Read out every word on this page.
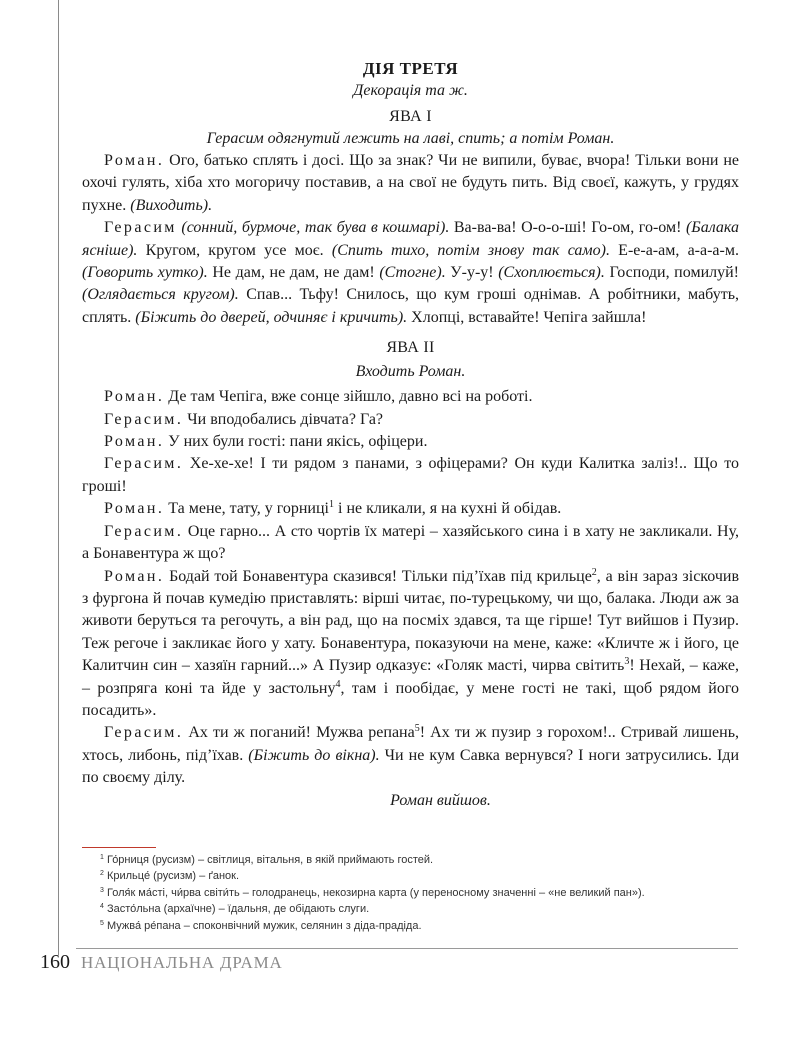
ДІЯ ТРЕТЯ
Декорація та ж.
ЯВА І
Герасим одягнутий лежить на лаві, спить; а потім Роман.

Роман. Ого, батько сплять і досі. Що за знак? Чи не випили, буває, вчора! Тільки вони не охочі гулять, хіба хто могоричу поставив, а на свої не будуть пить. Від своєї, кажуть, у грудях пухне. (Виходить).

Герасим (сонний, бурмоче, так бува в кошмарі). Ва-ва-ва! О-о-о-ші! Го-ом, го-ом! (Балака ясніше). Кругом, кругом усе моє. (Спить тихо, потім знову так само). Е-е-а-ам, а-а-а-м. (Говорить хутко). Не дам, не дам, не дам! (Стогне). У-у-у! (Схоплюється). Господи, помилуй! (Оглядається кругом). Спав... Тьфу! Снилось, що кум гроші однімав. А робітники, мабуть, сплять. (Біжить до дверей, одчиняє і кричить). Хлопці, вставайте! Чепіга зайшла!

ЯВА ІІ
Входить Роман.

Роман. Де там Чепіга, вже сонце зійшло, давно всі на роботі.

Герасим. Чи вподобались дівчата? Га?

Роман. У них були гості: пани якісь, офіцери.

Герасим. Хе-хе-хе! І ти рядом з панами, з офіцерами? Он куди Калитка заліз!.. Що то гроші!

Роман. Та мене, тату, у горниці$^1$ і не кликали, я на кухні й обідав.

Герасим. Оце гарно... А сто чортів їх матері – хазяйського сина і в хату не закликали. Ну, а Бонавентура ж що?

Роман. Бодай той Бонавентура сказився! Тільки під’їхав під крильце$^2$, а він зараз зіскочив з фургона й почав кумедію приставлять: вірші читає, по-турецькому, чи що, балака. Люди аж за животи беруться та регочуть, а він рад, що на посміх здався, та ще гірше! Тут вийшов і Пузир. Теж регоче і закликає його у хату. Бонавентура, показуючи на мене, каже: «Кличте ж і його, це Калитчин син – хазяїн гарний...» А Пузир одказує: «Голяк масті, чирва світить$^3$! Нехай, – каже, – розпряга коні та йде у застольну$^4$, там і пообідає, у мене гості не такі, щоб рядом його посадить».

Герасим. Ах ти ж поганий! Мужва репана$^5$! Ах ти ж пузир з горохом!.. Стривай лишень, хтось, либонь, під’їхав. (Біжить до вікна). Чи не кум Савка вернувся? І ноги затрусились. Іди по своєму ділу.

Роман вийшов.
$^1$ Го́рниця (русизм) – світлиця, вітальня, в якій приймають гостей.
$^2$ Крильце́ (русизм) – ґанок.
$^3$ Голя́к ма́сті, чи́рва світи́ть – голодранець, некозирна карта (у переносному значенні – «не великий пан»).
$^4$ Засто́льна (архаїчне) – їдальня, де обідають слуги.
$^5$ Мужва́ ре́пана – споконвічний мужик, селянин з діда-прадіда.
160 НАЦІОНАЛЬНА ДРАМА
